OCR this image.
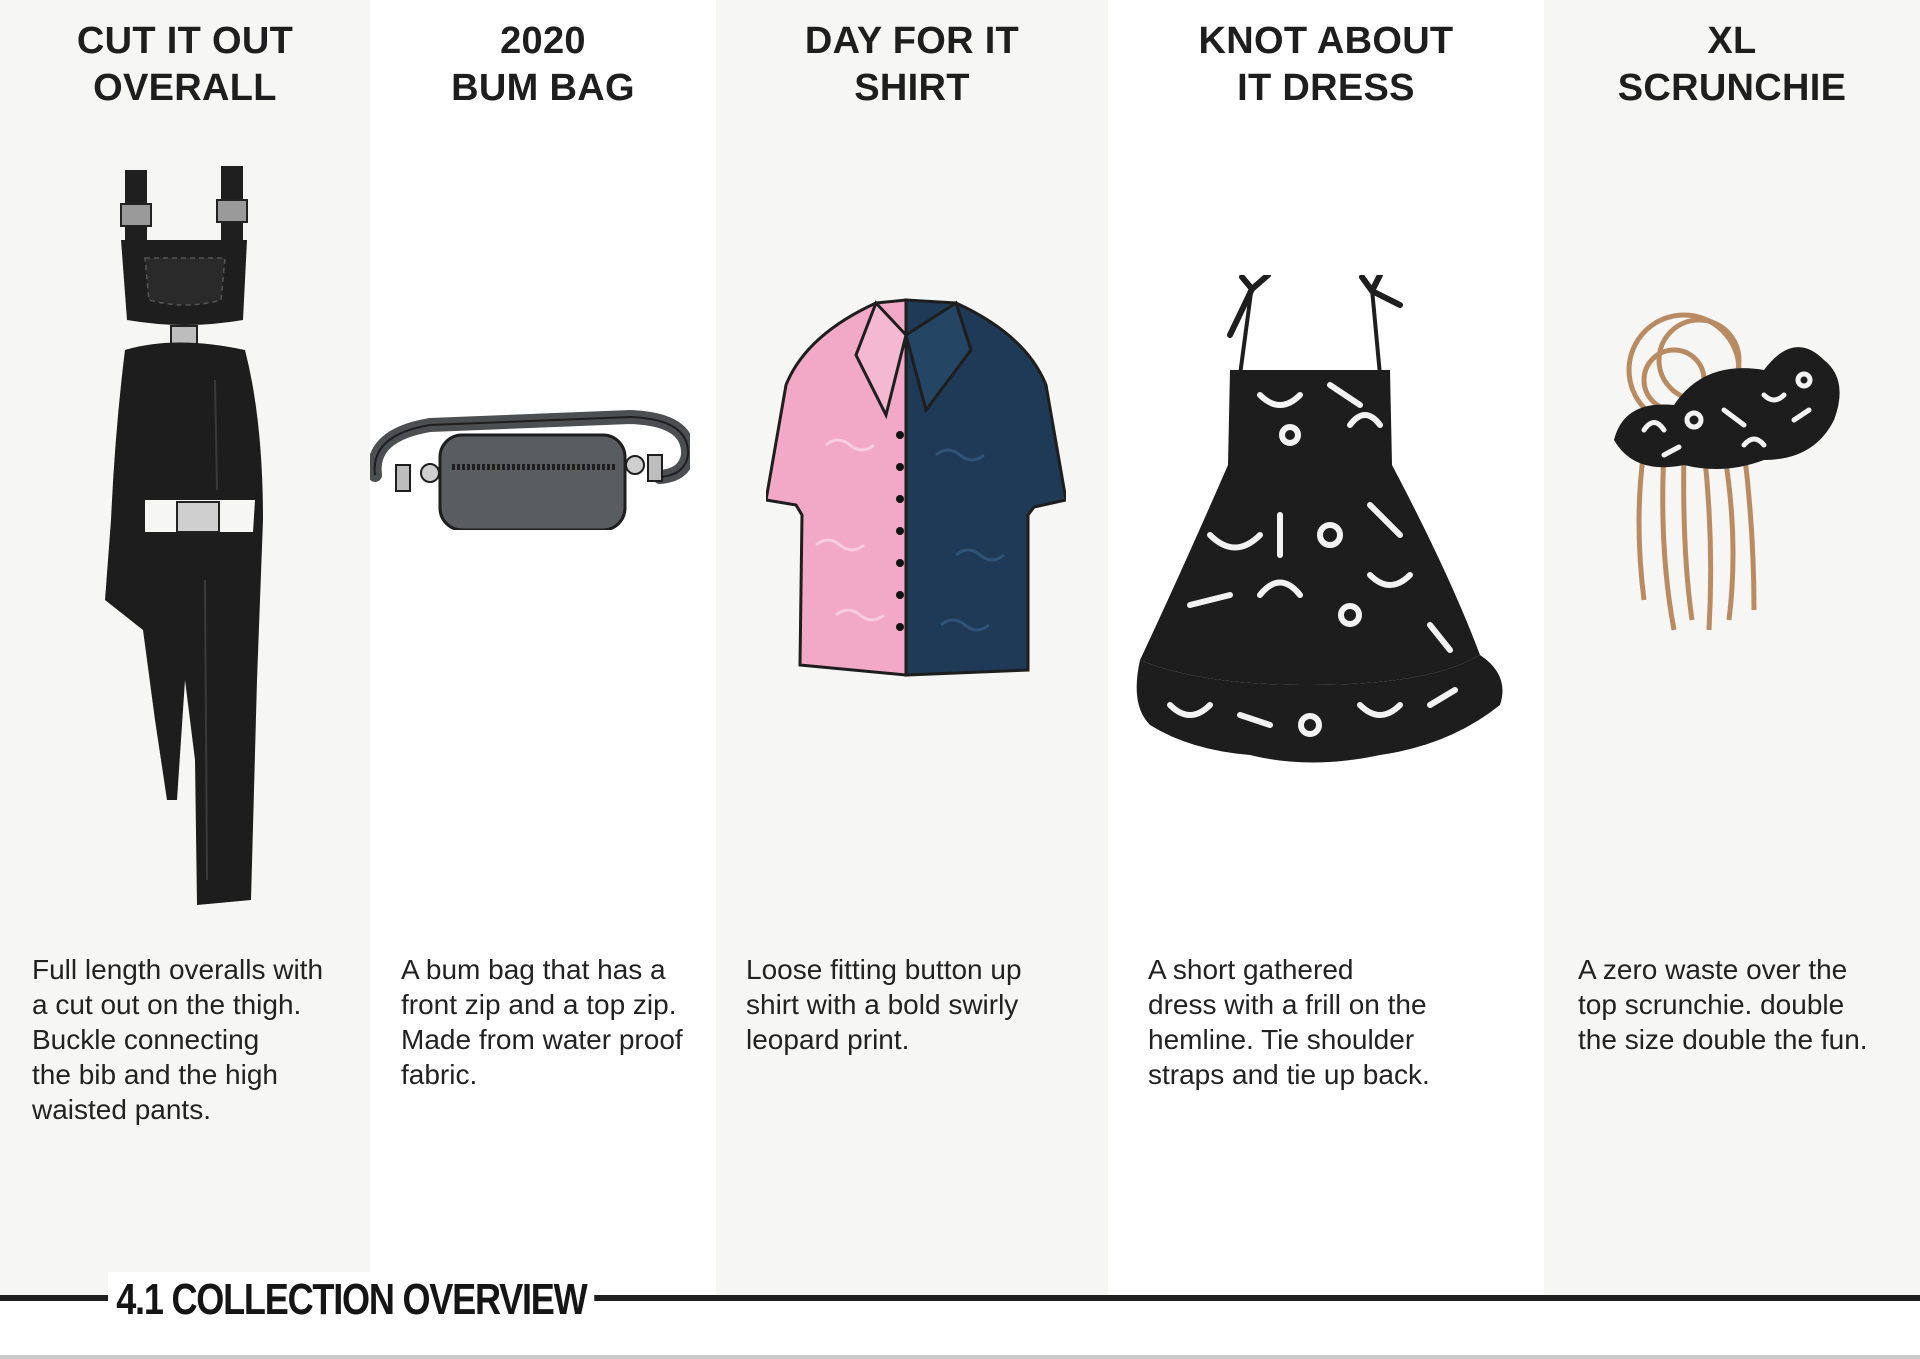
CUT IT OUT
OVERALL

Full length overalls with
a cut out on the thigh.
Buckle connecting
the bib and the high
waisted pants.

2020
BUM BAG

A bum bag that has a
front zip and a top zip.
Made from water proof
fabric.

DAY FOR IT
SHIRT

Loose fitting button up
shirt with a bold swirly
leopard print.

KNOT ABOUT
IT DRESS

A short gathered
dress with a frill on the
hemline. Tie shoulder
straps and tie up back.

XL
SCRUNCHIE

A zero waste over the
top scrunchie. double
the size double the fun.

4.1 COLLECTION OVERVIEW
